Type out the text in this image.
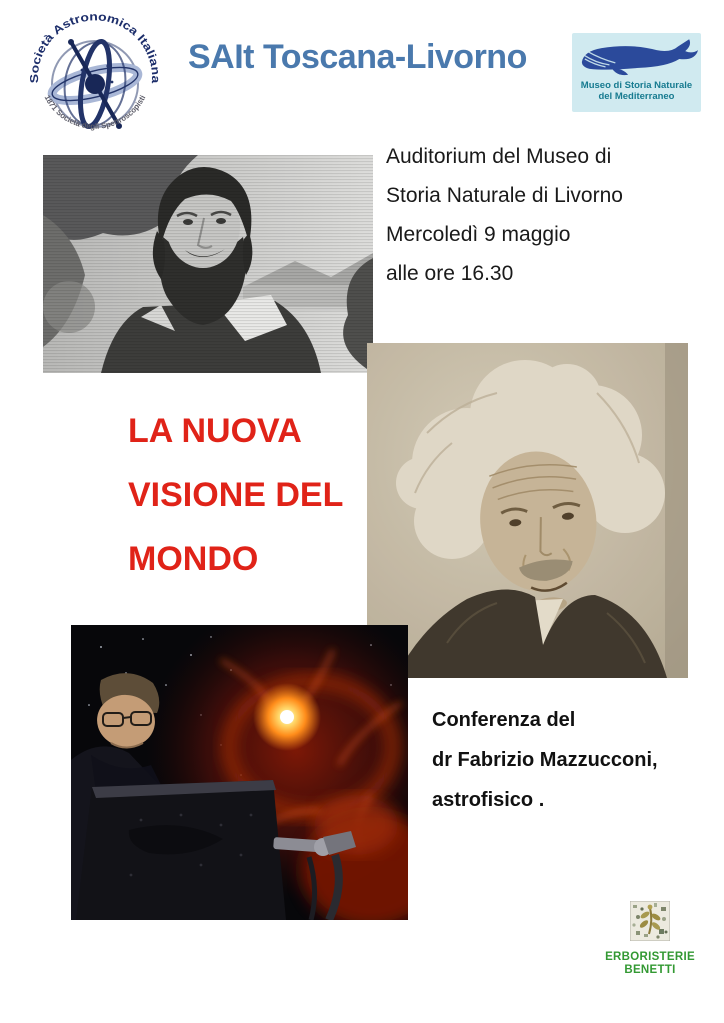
Società Astronomica Italiana
1871 Società degli Spettroscopisti
SAIt Toscana-Livorno
Museo di Storia Naturale
del Mediterraneo

Auditorium del Museo di

Storia Naturale di Livorno

Mercoledì 9 maggio

alle ore 16.30

LA NUOVA

VISIONE DEL

MONDO

Conferenza del

dr Fabrizio Mazzucconi,

astrofisico .

ERBORISTERIE
BENETTI
